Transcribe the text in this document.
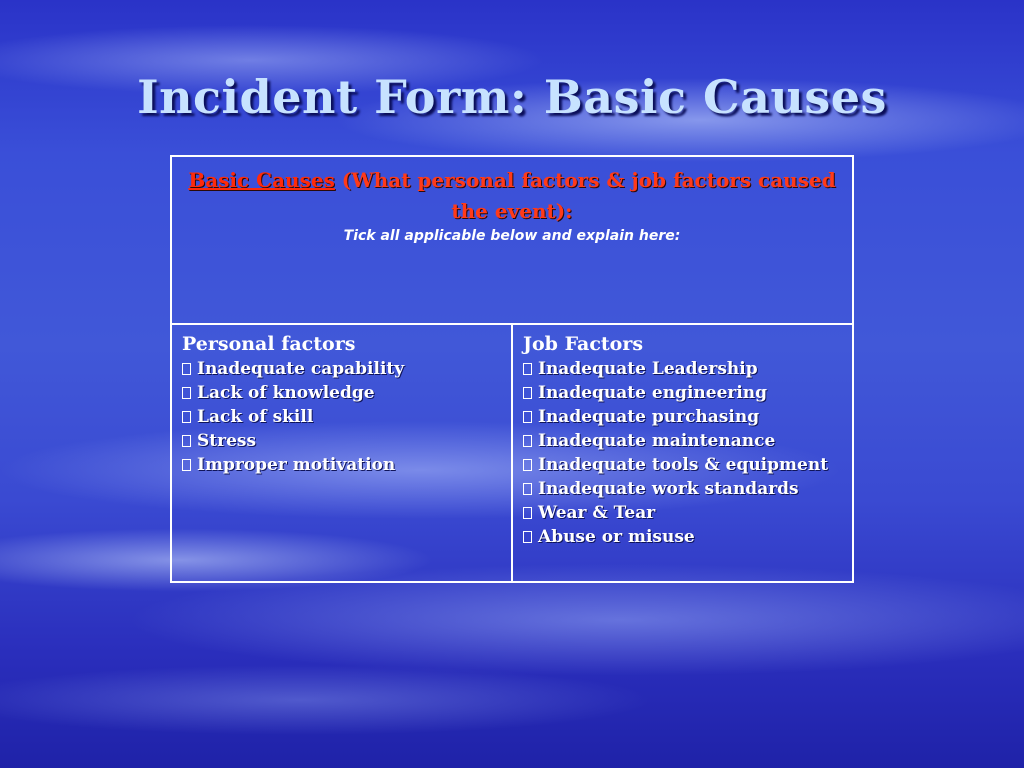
Incident Form: Basic Causes
Basic Causes (What personal factors & job factors caused the event):
Tick all applicable below and explain here:

Personal factors
Inadequate capability
Lack of knowledge
Lack of skill
Stress
Improper motivation

Job Factors
Inadequate Leadership
Inadequate engineering
Inadequate purchasing
Inadequate maintenance
Inadequate tools & equipment
Inadequate work standards
Wear & Tear
Abuse or misuse
